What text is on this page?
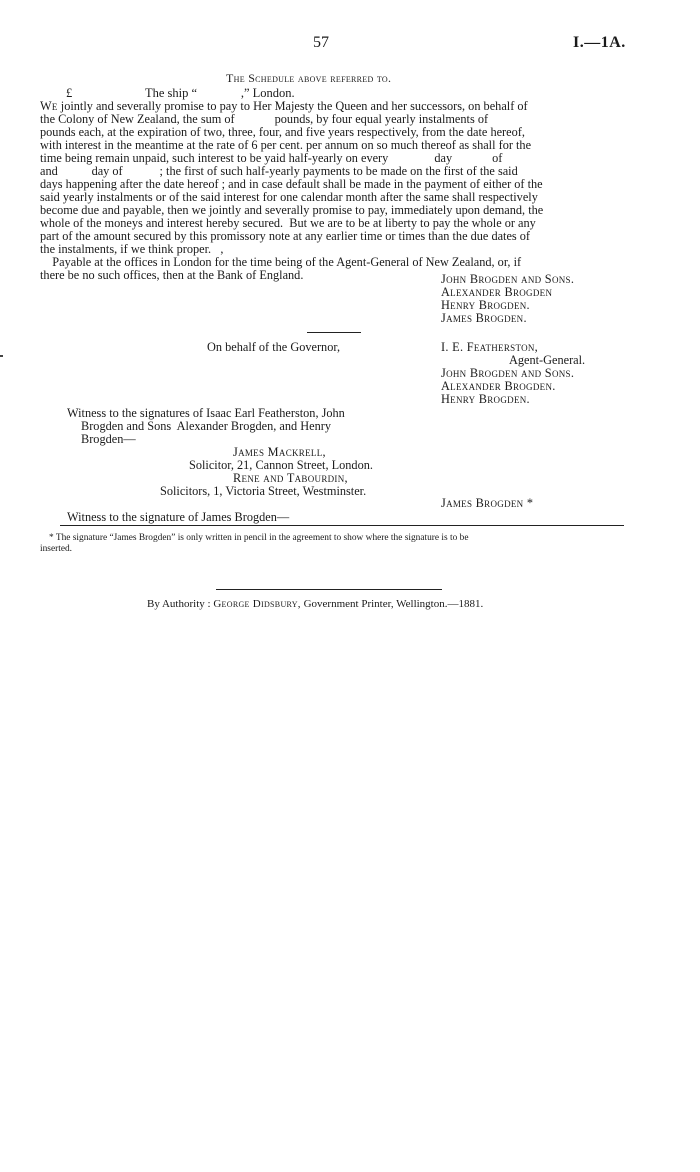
57	I.—1A.
The Schedule above referred to.
£	The ship “              ,” London.
We jointly and severally promise to pay to Her Majesty the Queen and her successors, on behalf of
the Colony of New Zealand, the sum of             pounds, by four equal yearly instalments of
pounds each, at the expiration of two, three, four, and five years respectively, from the date hereof,
with interest in the meantime at the rate of 6 per cent. per annum on so much thereof as shall for the
time being remain unpaid, such interest to be yaid half-yearly on every               day             of
and           day of            ; the first of such half-yearly payments to be made on the first of the said
days happening after the date hereof ; and in case default shall be made in the payment of either of the
said yearly instalments or of the said interest for one calendar month after the same shall respectively
become due and payable, then we jointly and severally promise to pay, immediately upon demand, the
whole of the moneys and interest hereby secured.  But we are to be at liberty to pay the whole or any
part of the amount secured by this promissory note at any earlier time or times than the due dates of
the instalments, if we think proper.   ,
Payable at the offices in London for the time being of the Agent-General of New Zealand, or, if
there be no such offices, then at the Bank of England.	John Brogden and Sons.
Alexander Brogden
Henry Brogden.
James Brogden.
On behalf of the Governor,	I. E. Featherston,
Agent-General.
John Brogden and Sons.
Alexander Brogden.
Henry Brogden.
Witness to the signatures of Isaac Earl Featherston, John
Brogden and Sons  Alexander Brogden, and Henry
Brogden—
James Mackrell,
Solicitor, 21, Cannon Street, London.
Rene and Tabourdin,
Solicitors, 1, Victoria Street, Westminster.
James Brogden *
Witness to the signature of James Brogden—
* The signature “James Brogden” is only written in pencil in the agreement to show where the signature is to be
inserted.
By Authority : George Didsbury, Government Printer, Wellington.—1881.
